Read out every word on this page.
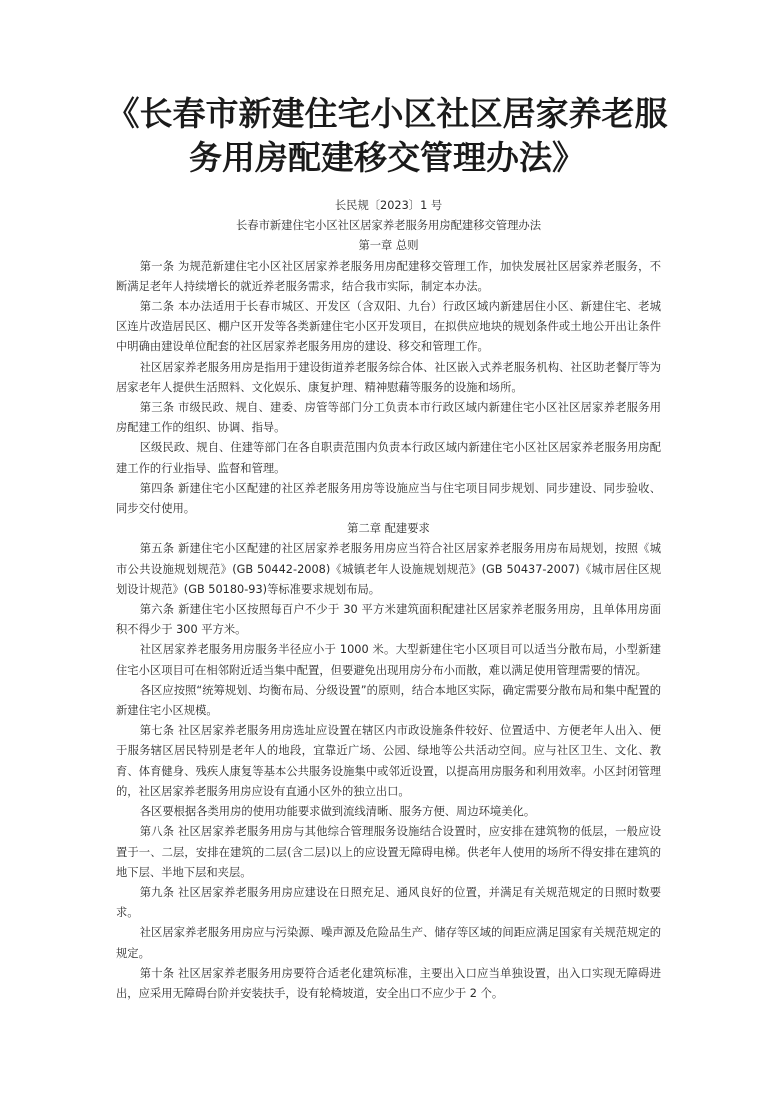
《长春市新建住宅小区社区居家养老服务用房配建移交管理办法》
长民规〔2023〕1 号
长春市新建住宅小区社区居家养老服务用房配建移交管理办法
第一章 总则

第一条 为规范新建住宅小区社区居家养老服务用房配建移交管理工作，加快发展社区居家养老服务，不断满足老年人持续增长的就近养老服务需求，结合我市实际，制定本办法。

第二条 本办法适用于长春市城区、开发区（含双阳、九台）行政区域内新建居住小区、新建住宅、老城区连片改造居民区、棚户区开发等各类新建住宅小区开发项目，在拟供应地块的规划条件或土地公开出让条件中明确由建设单位配套的社区居家养老服务用房的建设、移交和管理工作。

社区居家养老服务用房是指用于建设街道养老服务综合体、社区嵌入式养老服务机构、社区助老餐厅等为居家老年人提供生活照料、文化娱乐、康复护理、精神慰藉等服务的设施和场所。

第三条 市级民政、规自、建委、房管等部门分工负责本市行政区域内新建住宅小区社区居家养老服务用房配建工作的组织、协调、指导。

区级民政、规自、住建等部门在各自职责范围内负责本行政区域内新建住宅小区社区居家养老服务用房配建工作的行业指导、监督和管理。

第四条 新建住宅小区配建的社区养老服务用房等设施应当与住宅项目同步规划、同步建设、同步验收、同步交付使用。

第二章 配建要求

第五条 新建住宅小区配建的社区居家养老服务用房应当符合社区居家养老服务用房布局规划，按照《城市公共设施规划规范》(GB 50442-2008)《城镇老年人设施规划规范》(GB 50437-2007)《城市居住区规划设计规范》(GB 50180-93)等标准要求规划布局。

第六条 新建住宅小区按照每百户不少于 30 平方米建筑面积配建社区居家养老服务用房，且单体用房面积不得少于 300 平方米。

社区居家养老服务用房服务半径应小于 1000 米。大型新建住宅小区项目可以适当分散布局，小型新建住宅小区项目可在相邻附近适当集中配置，但要避免出现用房分布小而散，难以满足使用管理需要的情况。

各区应按照“统筹规划、均衡布局、分级设置”的原则，结合本地区实际，确定需要分散布局和集中配置的新建住宅小区规模。

第七条 社区居家养老服务用房选址应设置在辖区内市政设施条件较好、位置适中、方便老年人出入、便于服务辖区居民特别是老年人的地段，宜靠近广场、公园、绿地等公共活动空间。应与社区卫生、文化、教育、体育健身、残疾人康复等基本公共服务设施集中或邻近设置，以提高用房服务和利用效率。小区封闭管理的，社区居家养老服务用房应设有直通小区外的独立出口。

各区要根据各类用房的使用功能要求做到流线清晰、服务方便、周边环境美化。

第八条 社区居家养老服务用房与其他综合管理服务设施结合设置时，应安排在建筑物的低层，一般应设置于一、二层，安排在建筑的二层(含二层)以上的应设置无障碍电梯。供老年人使用的场所不得安排在建筑的地下层、半地下层和夹层。

第九条 社区居家养老服务用房应建设在日照充足、通风良好的位置，并满足有关规范规定的日照时数要求。

社区居家养老服务用房应与污染源、噪声源及危险品生产、储存等区域的间距应满足国家有关规范规定的规定。

第十条 社区居家养老服务用房要符合适老化建筑标准，主要出入口应当单独设置，出入口实现无障碍进出，应采用无障碍台阶并安装扶手，设有轮椅坡道，安全出口不应少于 2 个。
